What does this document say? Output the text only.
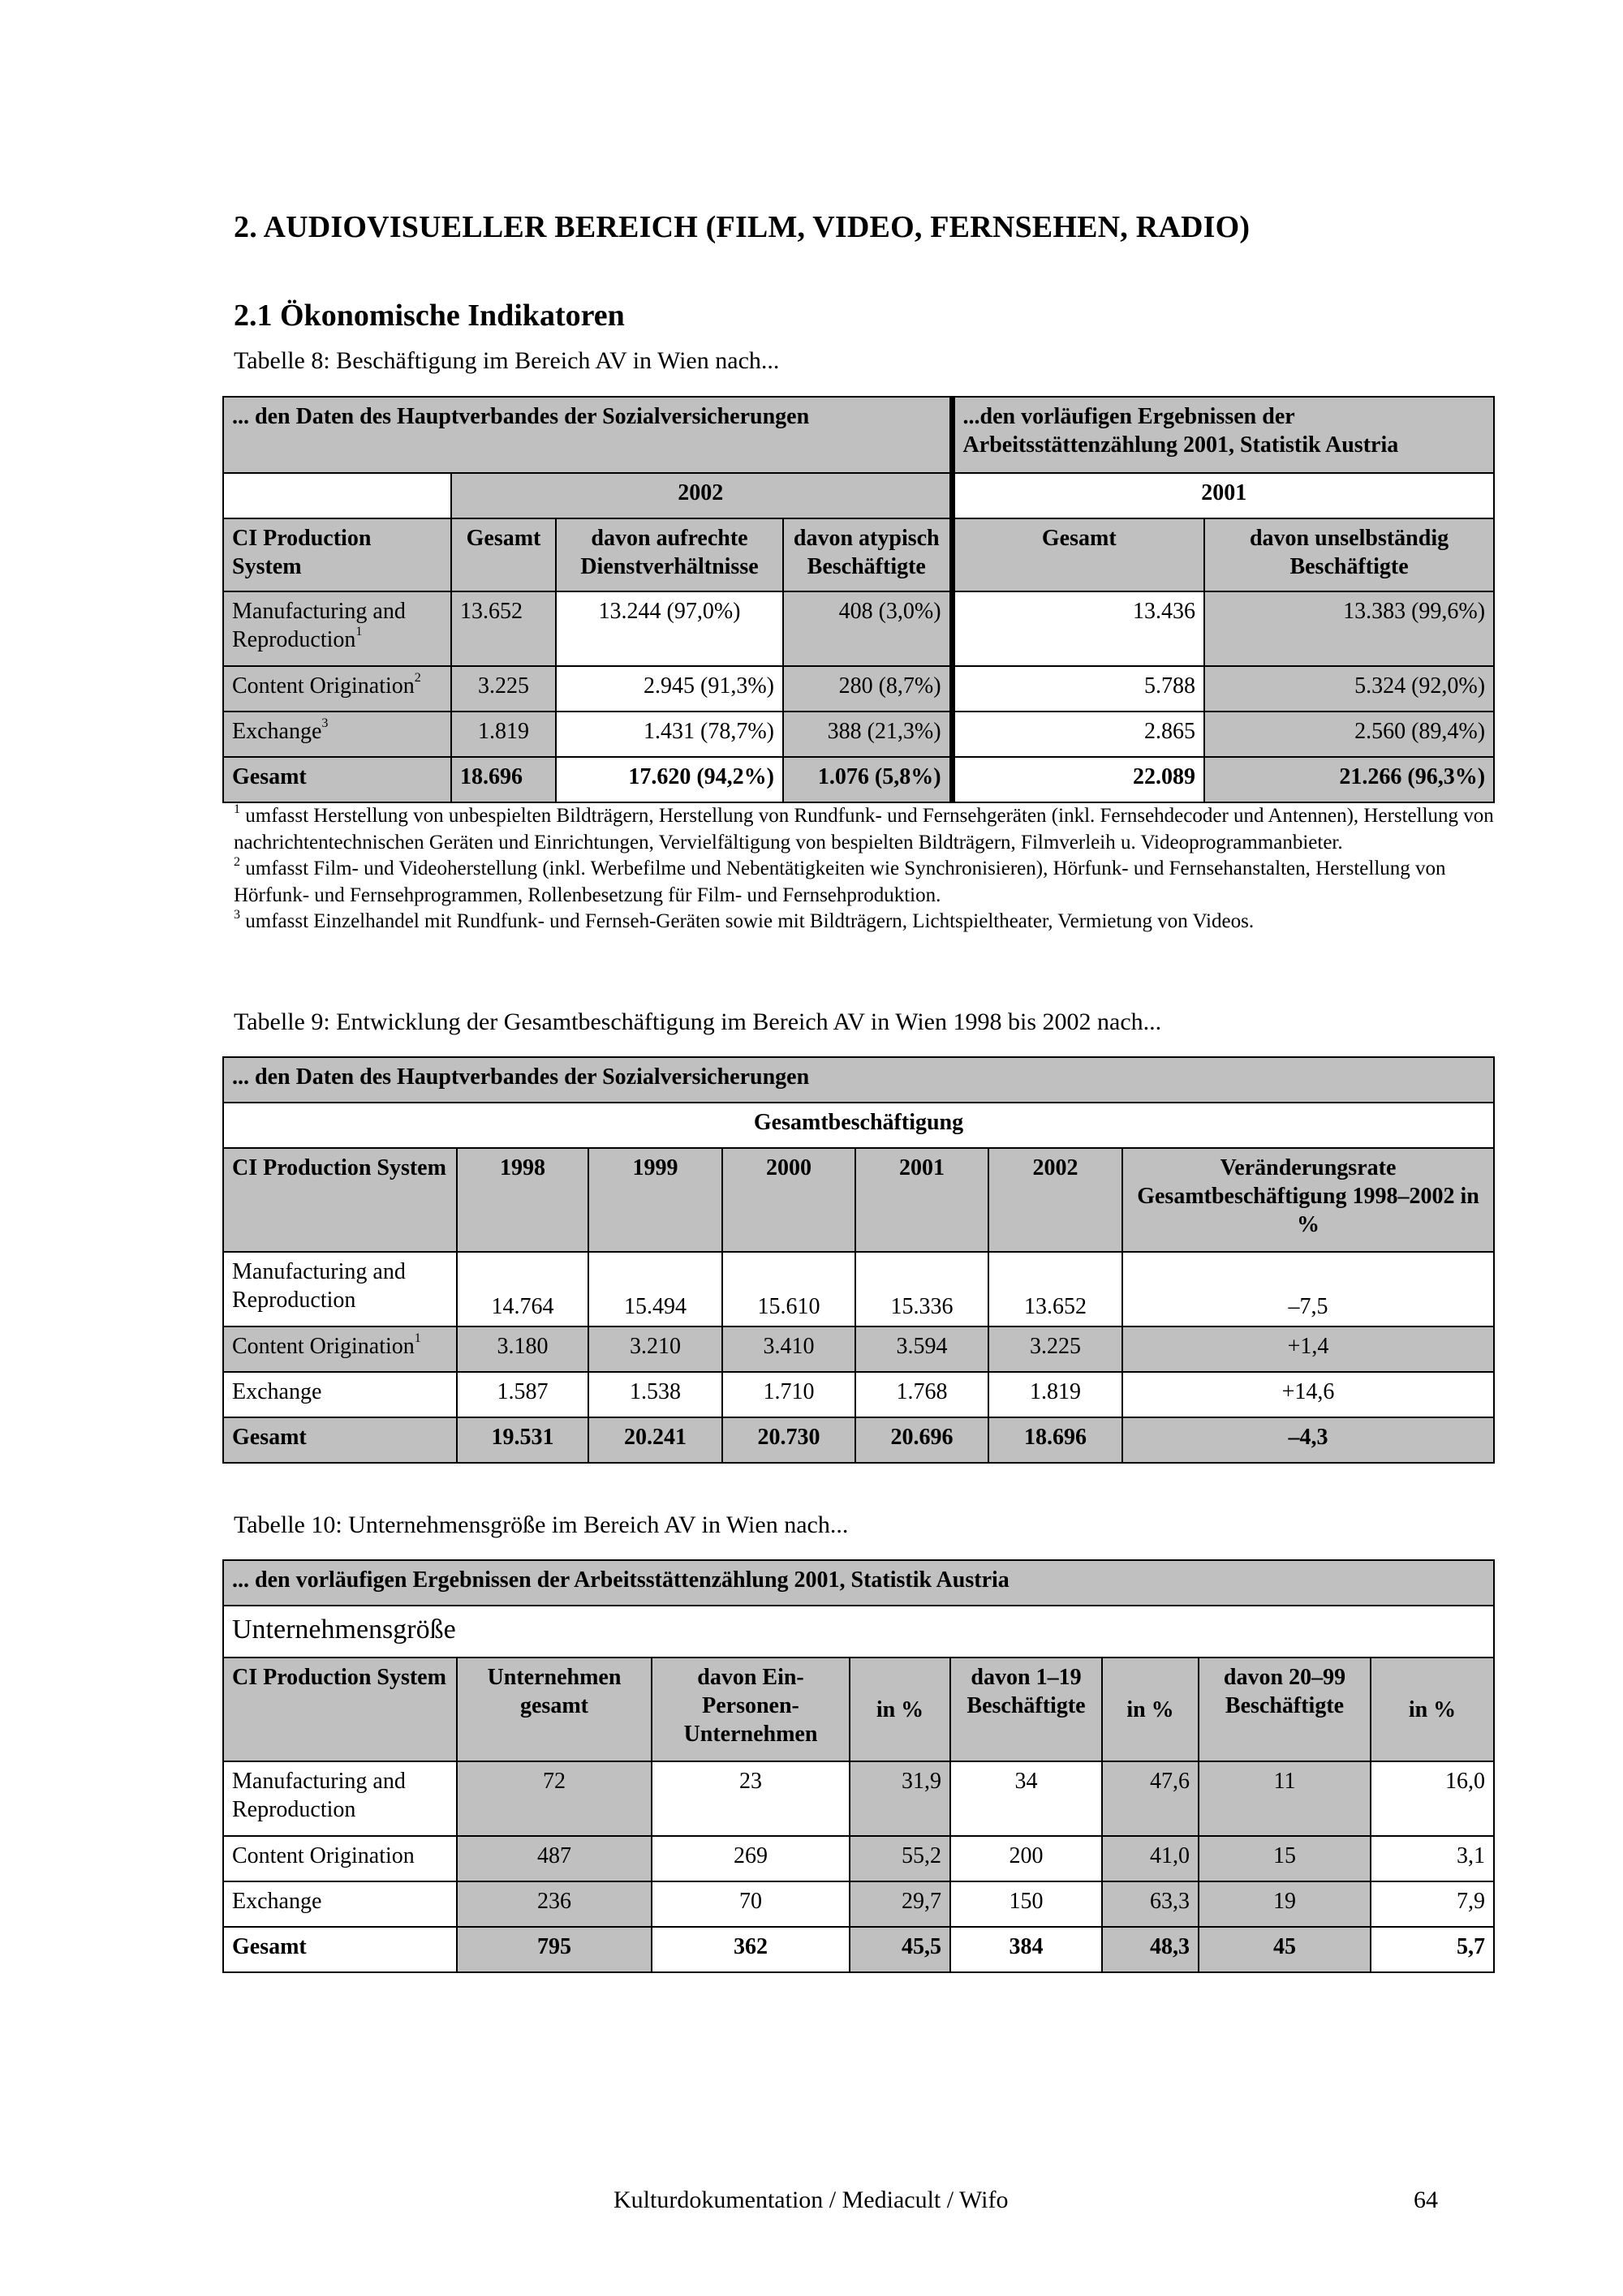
2. AUDIOVISUELLER BEREICH (FILM, VIDEO, FERNSEHEN, RADIO)
2.1 Ökonomische Indikatoren
Tabelle 8: Beschäftigung im Bereich AV in Wien nach...
... den Daten des Hauptverbandes der Sozialversicherungen				...den vorläufigen Ergebnissen der Arbeitsstättenzählung 2001, Statistik Austria	
	2002			2001	
CI Production System	Gesamt	davon aufrechte Dienstverhältnisse	davon atypisch Beschäftigte	Gesamt	davon unselbständig Beschäftigte
Manufacturing and Reproduction$^1$	13.652	13.244 (97,0%)	408 (3,0%)	13.436	13.383 (99,6%)
Content Origination$^2$	3.225	2.945 (91,3%)	280 (8,7%)	5.788	5.324 (92,0%)
Exchange$^3$	1.819	1.431 (78,7%)	388 (21,3%)	2.865	2.560 (89,4%)
Gesamt	18.696	17.620 (94,2%)	1.076 (5,8%)	22.089	21.266 (96,3%)

$^1$ umfasst Herstellung von unbespielten Bildträgern, Herstellung von Rundfunk- und Fernsehgeräten (inkl. Fernsehdecoder und Antennen), Herstellung von nachrichtentechnischen Geräten und Einrichtungen, Vervielfältigung von bespielten Bildträgern, Filmverleih u. Videoprogrammanbieter.

$^2$ umfasst Film- und Videoherstellung (inkl. Werbefilme und Nebentätigkeiten wie Synchronisieren), Hörfunk- und Fernsehanstalten, Herstellung von Hörfunk- und Fernsehprogrammen, Rollenbesetzung für Film- und Fernsehproduktion.

$^3$ umfasst Einzelhandel mit Rundfunk- und Fernseh-Geräten sowie mit Bildträgern, Lichtspieltheater, Vermietung von Videos.

Tabelle 9: Entwicklung der Gesamtbeschäftigung im Bereich AV in Wien 1998 bis 2002 nach...
... den Daten des Hauptverbandes der Sozialversicherungen						
Gesamtbeschäftigung						
CI Production System	1998	1999	2000	2001	2002	Veränderungsrate Gesamtbeschäftigung 1998–2002 in %
Manufacturing and Reproduction	14.764	15.494	15.610	15.336	13.652	–7,5
Content Origination$^1$	3.180	3.210	3.410	3.594	3.225	+1,4
Exchange	1.587	1.538	1.710	1.768	1.819	+14,6
Gesamt	19.531	20.241	20.730	20.696	18.696	–4,3
Tabelle 10: Unternehmensgröße im Bereich AV in Wien nach...
... den vorläufigen Ergebnissen der Arbeitsstättenzählung 2001, Statistik Austria							
Unternehmensgröße							
CI Production System	Unternehmen gesamt	davon Ein-Personen-Unternehmen	in %	davon 1–19 Beschäftigte	in %	davon 20–99 Beschäftigte	in %
Manufacturing and Reproduction	72	23	31,9	34	47,6	11	16,0
Content Origination	487	269	55,2	200	41,0	15	3,1
Exchange	236	70	29,7	150	63,3	19	7,9
Gesamt	795	362	45,5	384	48,3	45	5,7
Kulturdokumentation / Mediacult / Wifo	64
